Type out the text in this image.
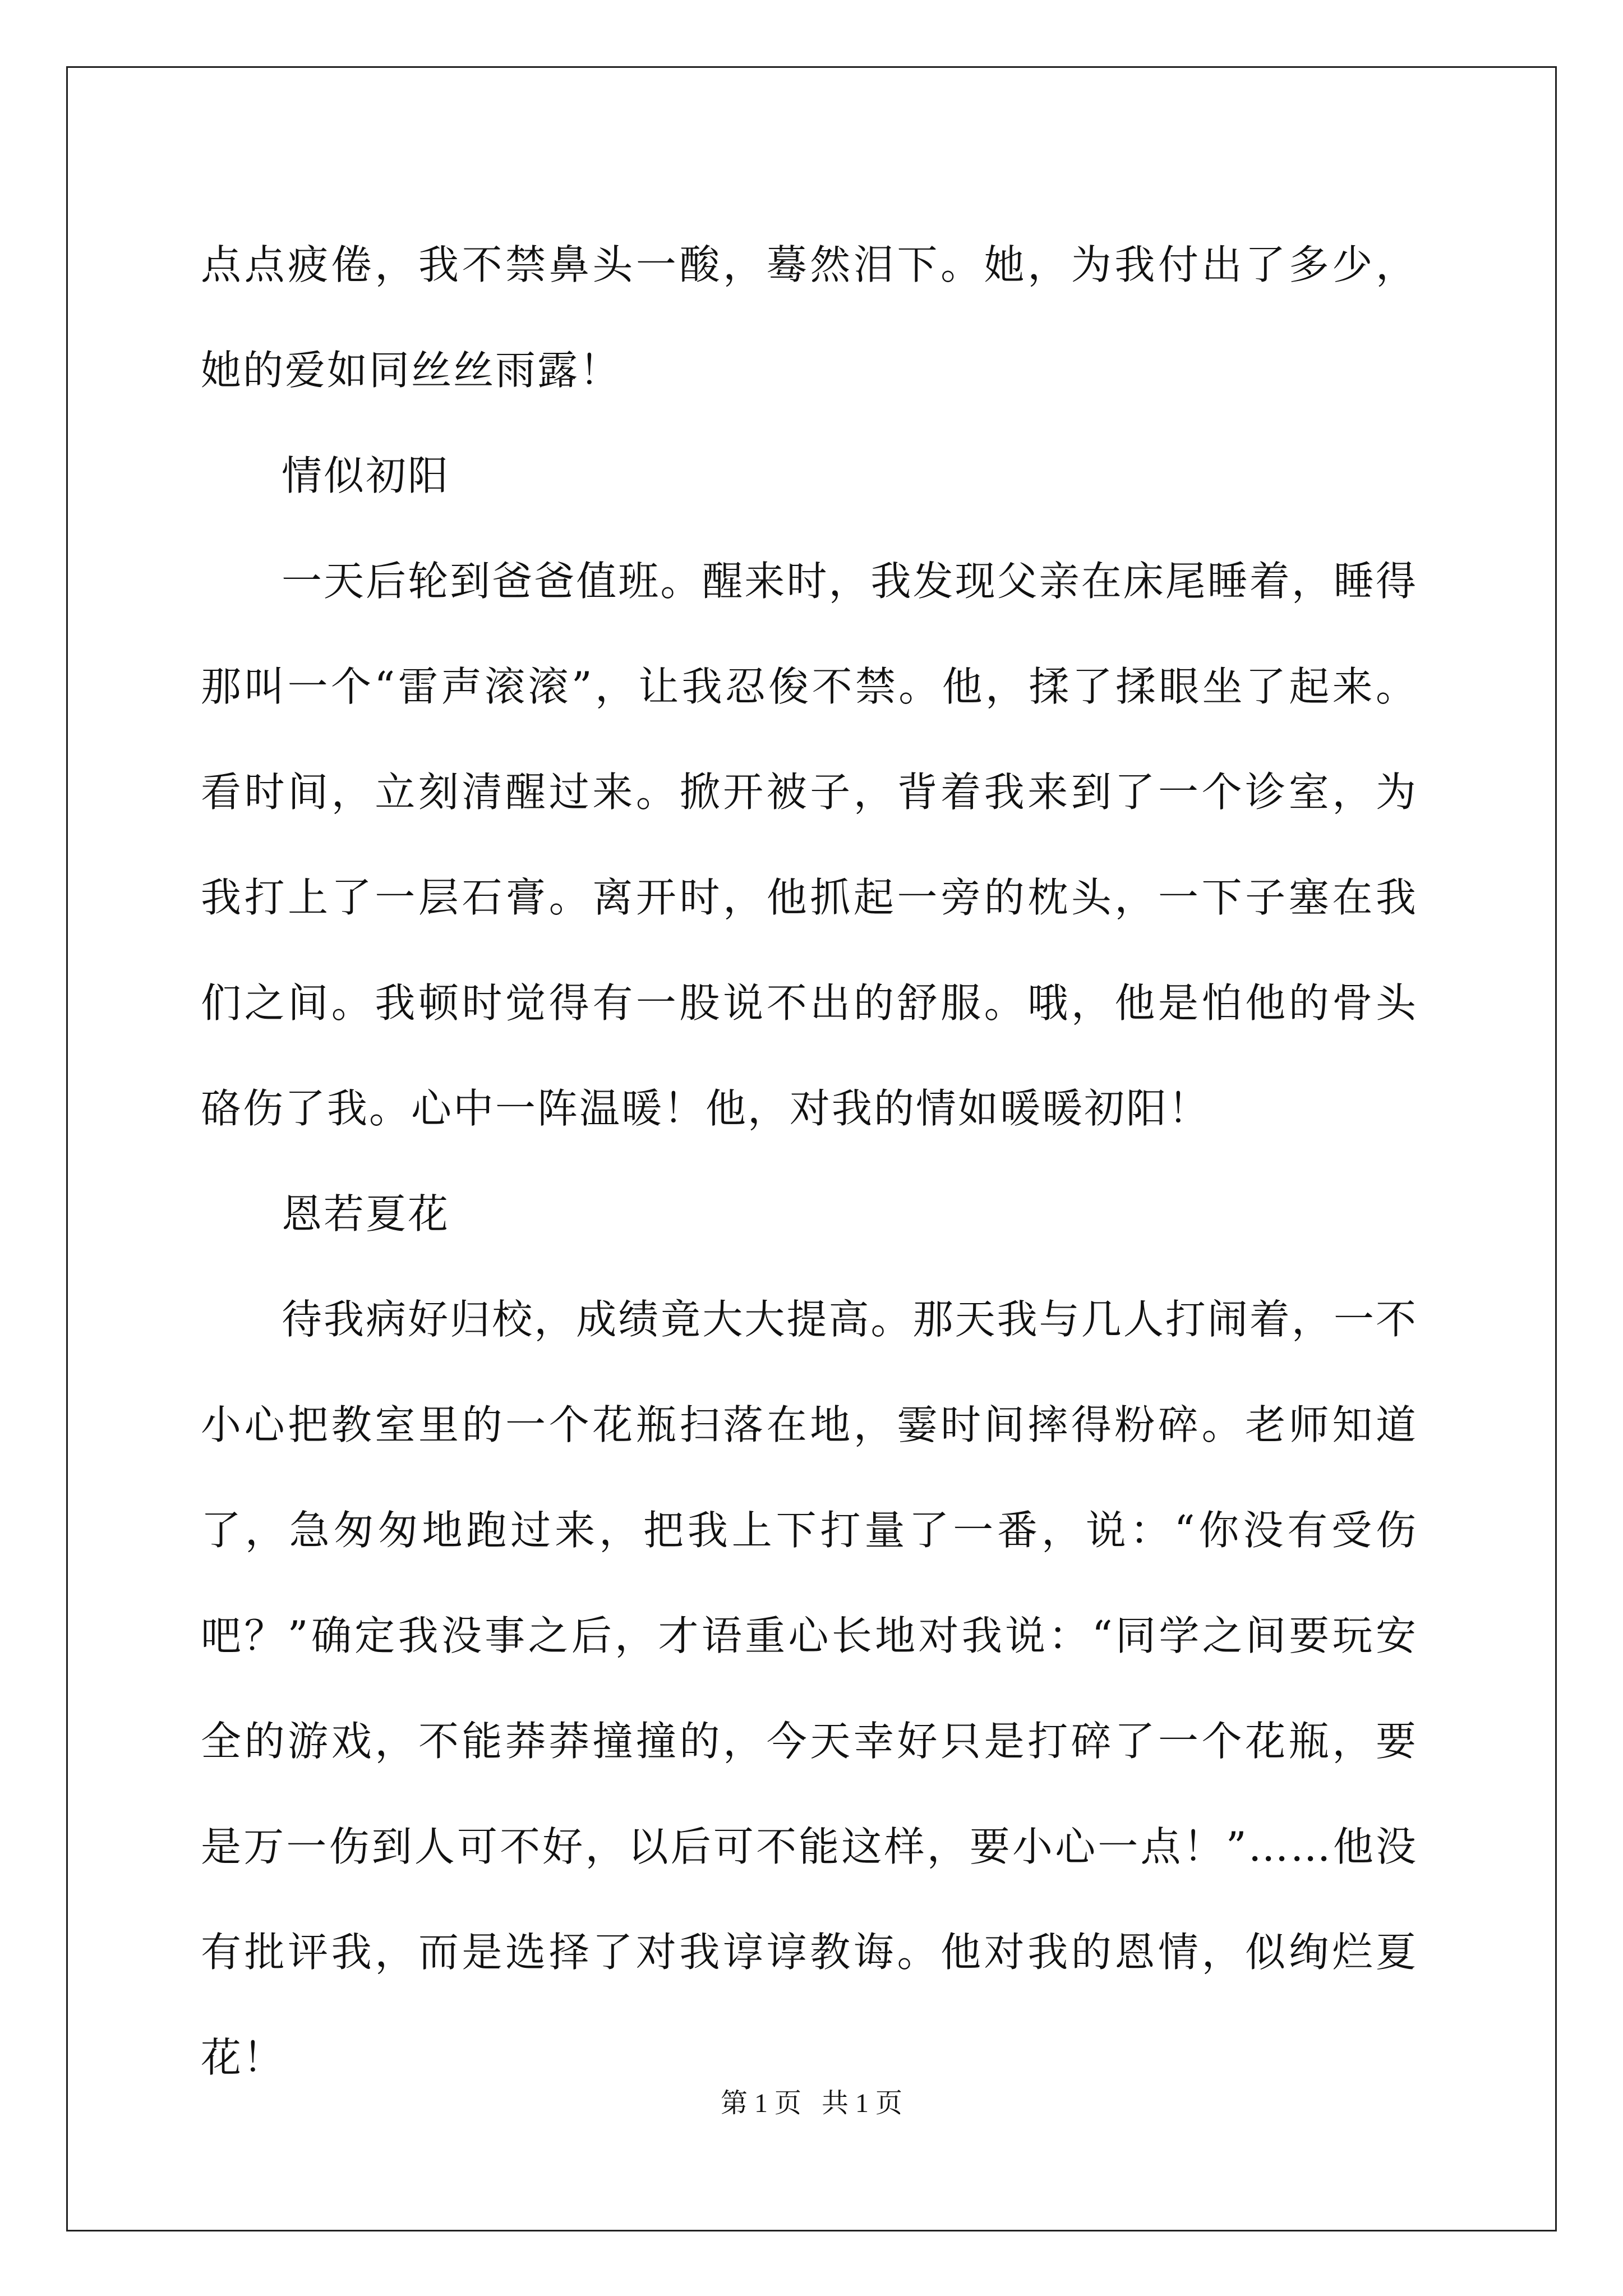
点点疲倦，我不禁鼻头一酸，蓦然泪下。她，为我付出了多少，她的爱如同丝丝雨露！

情似初阳

一天后轮到爸爸值班。醒来时，我发现父亲在床尾睡着，睡得那叫一个“雷声滚滚”，让我忍俊不禁。他，揉了揉眼坐了起来。看时间，立刻清醒过来。掀开被子，背着我来到了一个诊室，为我打上了一层石膏。离开时，他抓起一旁的枕头，一下子塞在我们之间。我顿时觉得有一股说不出的舒服。哦，他是怕他的骨头硌伤了我。心中一阵温暖！他，对我的情如暖暖初阳！

恩若夏花

待我病好归校，成绩竟大大提高。那天我与几人打闹着，一不小心把教室里的一个花瓶扫落在地，霎时间摔得粉碎。老师知道了，急匆匆地跑过来，把我上下打量了一番，说：“你没有受伤吧？”确定我没事之后，才语重心长地对我说：“同学之间要玩安全的游戏，不能莽莽撞撞的，今天幸好只是打碎了一个花瓶，要是万一伤到人可不好，以后可不能这样，要小心一点！”……他没有批评我，而是选择了对我谆谆教诲。他对我的恩情，似绚烂夏花！

第 1 页 共 1 页
